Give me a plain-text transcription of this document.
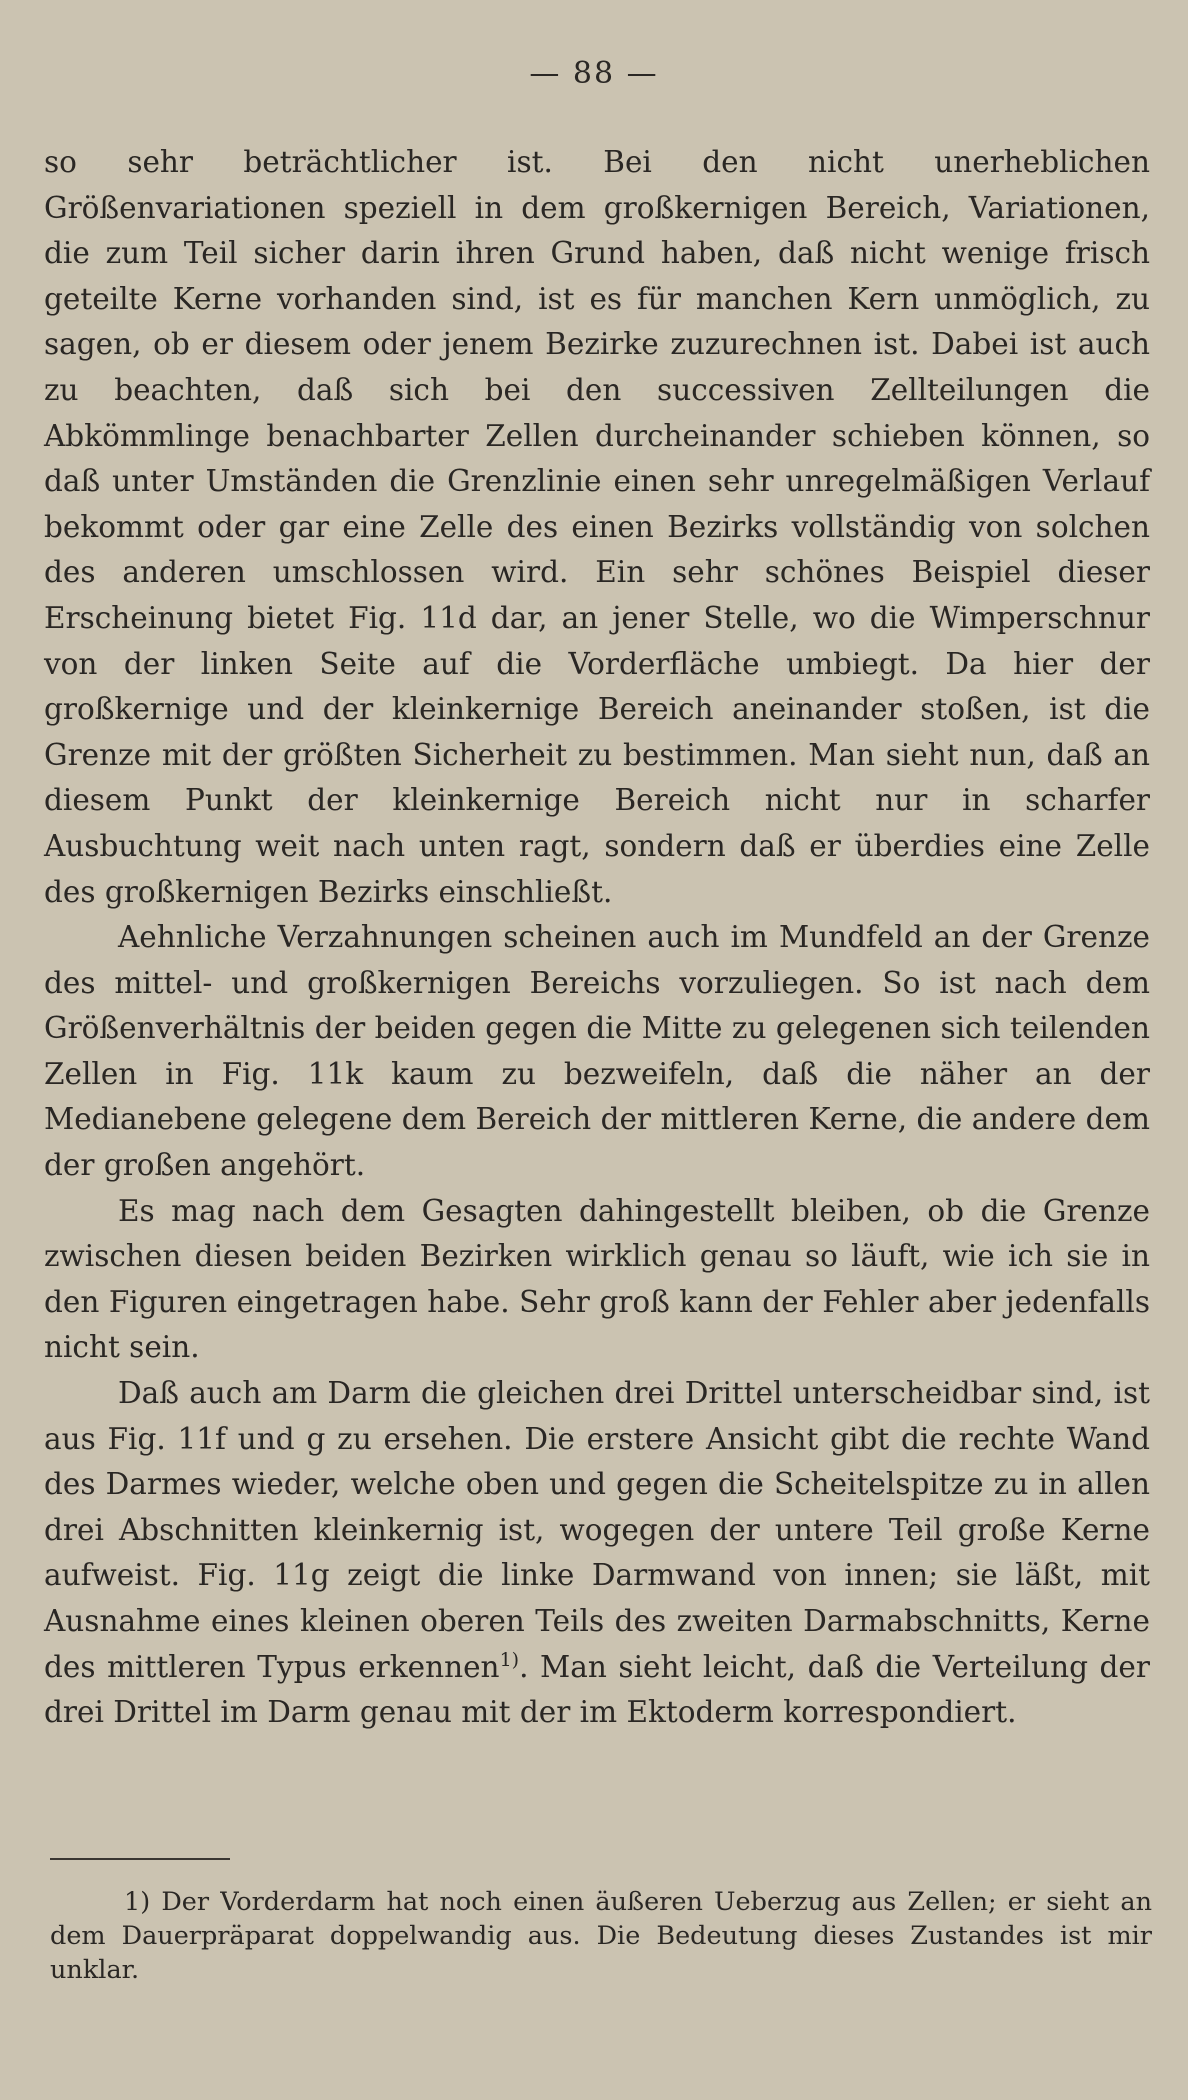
— 88 —

so sehr beträchtlicher ist. Bei den nicht unerheblichen Größenvariationen speziell in dem großkernigen Bereich, Variationen, die zum Teil sicher darin ihren Grund haben, daß nicht wenige frisch geteilte Kerne vorhanden sind, ist es für manchen Kern unmöglich, zu sagen, ob er diesem oder jenem Bezirke zuzurechnen ist. Dabei ist auch zu beachten, daß sich bei den successiven Zellteilungen die Abkömmlinge benachbarter Zellen durcheinander schieben können, so daß unter Umständen die Grenzlinie einen sehr unregelmäßigen Verlauf bekommt oder gar eine Zelle des einen Bezirks vollständig von solchen des anderen umschlossen wird. Ein sehr schönes Beispiel dieser Erscheinung bietet Fig. 11d dar, an jener Stelle, wo die Wimperschnur von der linken Seite auf die Vorderfläche umbiegt. Da hier der großkernige und der kleinkernige Bereich aneinander stoßen, ist die Grenze mit der größten Sicherheit zu bestimmen. Man sieht nun, daß an diesem Punkt der kleinkernige Bereich nicht nur in scharfer Ausbuchtung weit nach unten ragt, sondern daß er überdies eine Zelle des großkernigen Bezirks einschließt.

Aehnliche Verzahnungen scheinen auch im Mundfeld an der Grenze des mittel- und großkernigen Bereichs vorzuliegen. So ist nach dem Größenverhältnis der beiden gegen die Mitte zu gelegenen sich teilenden Zellen in Fig. 11k kaum zu bezweifeln, daß die näher an der Medianebene gelegene dem Bereich der mittleren Kerne, die andere dem der großen angehört.

Es mag nach dem Gesagten dahingestellt bleiben, ob die Grenze zwischen diesen beiden Bezirken wirklich genau so läuft, wie ich sie in den Figuren eingetragen habe. Sehr groß kann der Fehler aber jedenfalls nicht sein.

Daß auch am Darm die gleichen drei Drittel unterscheidbar sind, ist aus Fig. 11f und g zu ersehen. Die erstere Ansicht gibt die rechte Wand des Darmes wieder, welche oben und gegen die Scheitelspitze zu in allen drei Abschnitten kleinkernig ist, wogegen der untere Teil große Kerne aufweist. Fig. 11g zeigt die linke Darmwand von innen; sie läßt, mit Ausnahme eines kleinen oberen Teils des zweiten Darmabschnitts, Kerne des mittleren Typus erkennen$^{1)}$. Man sieht leicht, daß die Verteilung der drei Drittel im Darm genau mit der im Ektoderm korrespondiert.

1) Der Vorderdarm hat noch einen äußeren Ueberzug aus Zellen; er sieht an dem Dauerpräparat doppelwandig aus. Die Bedeutung dieses Zustandes ist mir unklar.
